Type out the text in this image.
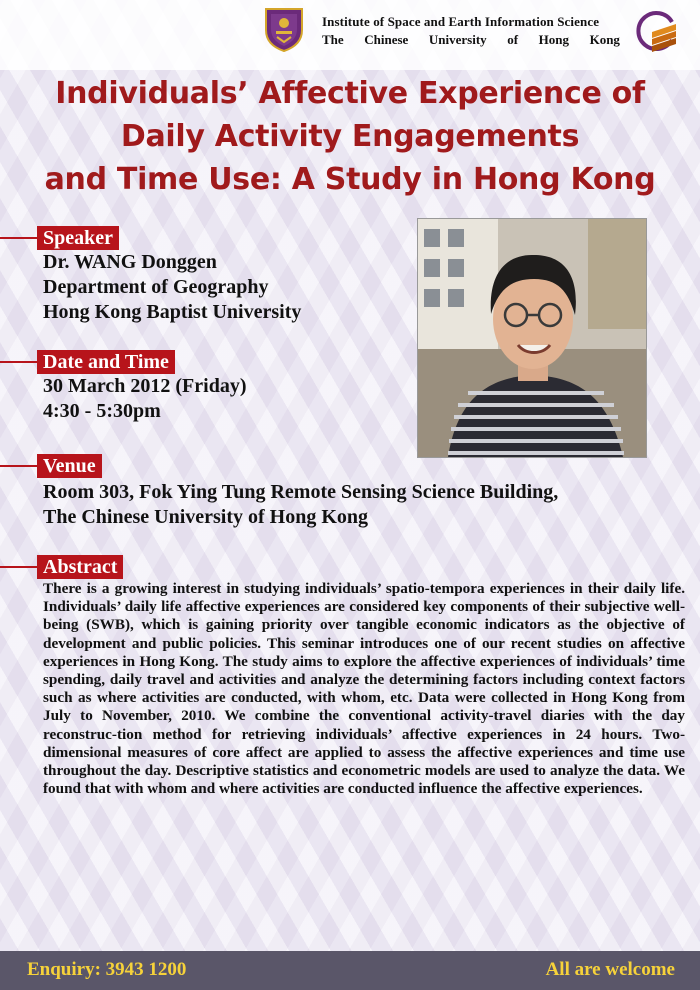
Institute of Space and Earth Information Science
The Chinese University of Hong Kong
Individuals’ Affective Experience of
Daily Activity Engagements
and Time Use: A Study in Hong Kong
Speaker
Dr. WANG Donggen
Department of Geography
Hong Kong Baptist University
Date and Time
30 March 2012 (Friday)
4:30 - 5:30pm
Venue
Room 303, Fok Ying Tung Remote Sensing Science Building,
The Chinese University of Hong Kong
Abstract
There is a growing interest in studying individuals’ spatio-tempora experiences in their daily life. Individuals’ daily life affective experiences are considered key components of their subjective well-being (SWB), which is gaining priority over tangible economic indicators as the objective of development and public policies. This seminar introduces one of our recent studies on affective experiences in Hong Kong. The study aims to explore the affective experiences of individuals’ time spending, daily travel and activities and analyze the determining factors including context factors such as where activities are conducted, with whom, etc. Data were collected in Hong Kong from July to November, 2010. We combine the conventional activity-travel diaries with the day reconstruc-tion method for retrieving individuals’ affective experiences in 24 hours. Two-dimensional measures of core affect are applied to assess the affective experiences and time use throughout the day. Descriptive statistics and econometric models are used to analyze the data. We found that with whom and where activities are conducted influence the affective experiences.
Enquiry: 3943 1200	All are welcome
